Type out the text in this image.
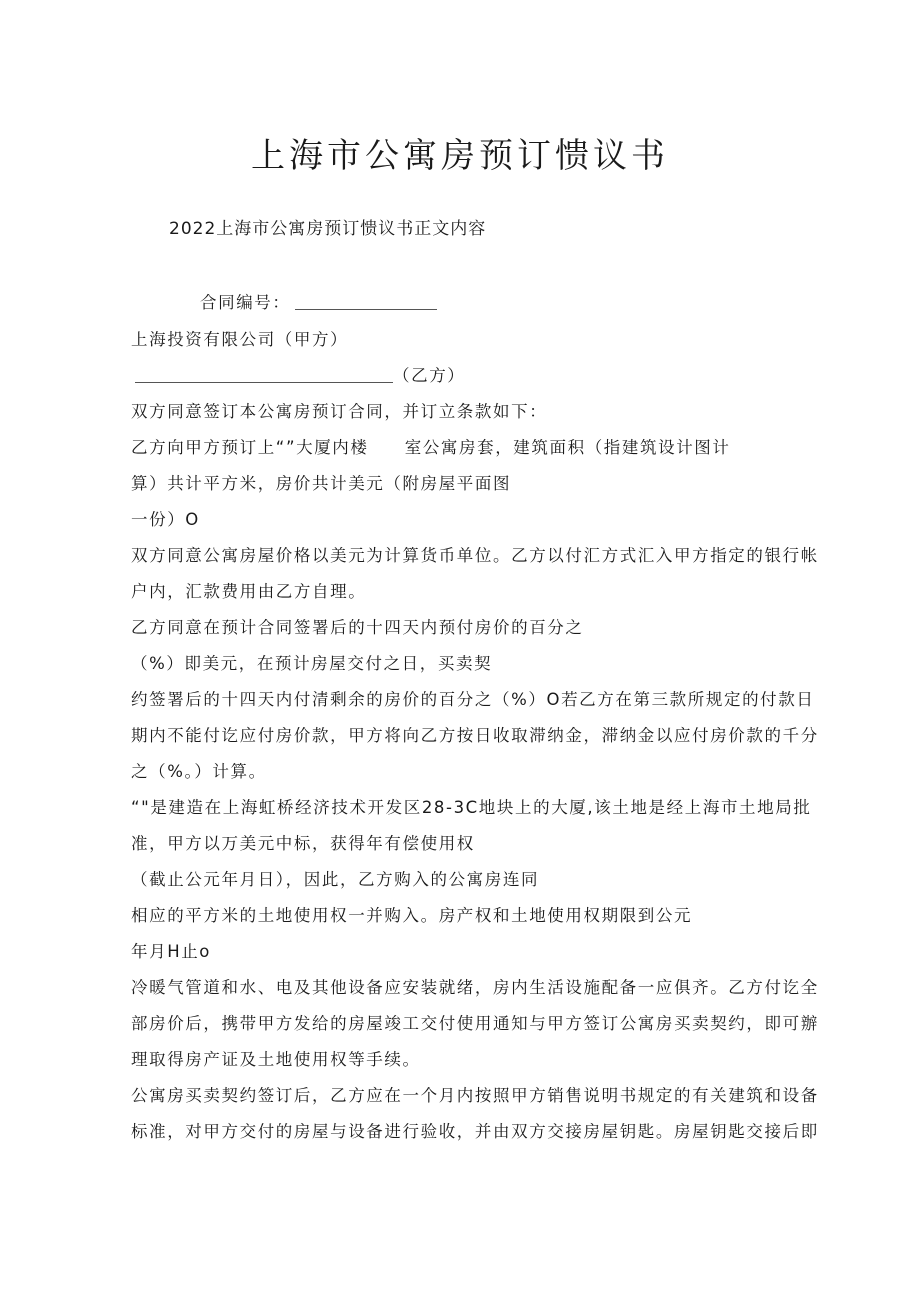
上海市公寓房预订愦议书
2022上海市公寓房预订愦议书正文内容
合同编号：
上海投资有限公司（甲方）
（乙方）
双方同意签订本公寓房预订合同，并订立条款如下：
乙方向甲方预订上“”大厦内楼　　室公寓房套，建筑面积（指建筑设计图计
算）共计平方米，房价共计美元（附房屋平面图
一份）O
双方同意公寓房屋价格以美元为计算货币单位。乙方以付汇方式汇入甲方指定的银行帐
户内，汇款费用由乙方自理。
乙方同意在预计合同签署后的十四天内预付房价的百分之
（%）即美元，在预计房屋交付之日，买卖契
约签署后的十四天内付清剩余的房价的百分之（%）O若乙方在第三款所规定的付款日
期内不能付讫应付房价款，甲方将向乙方按日收取滞纳金，滞纳金以应付房价款的千分
之（%。）计算。
“"是建造在上海虹桥经济技术开发区28-3C地块上的大厦,该土地是经上海市土地局批
准，甲方以万美元中标，获得年有偿使用权
（截止公元年月日），因此，乙方购入的公寓房连同
相应的平方米的土地使用权一并购入。房产权和土地使用权期限到公元
年月H止o
冷暖气管道和水、电及其他设备应安装就绪，房内生活设施配备一应俱齐。乙方付讫全
部房价后，携带甲方发给的房屋竣工交付使用通知与甲方签订公寓房买卖契约，即可辦
理取得房产证及土地使用权等手续。
公寓房买卖契约签订后，乙方应在一个月内按照甲方销售说明书规定的有关建筑和设备
标准，对甲方交付的房屋与设备进行验收，并由双方交接房屋钥匙。房屋钥匙交接后即
